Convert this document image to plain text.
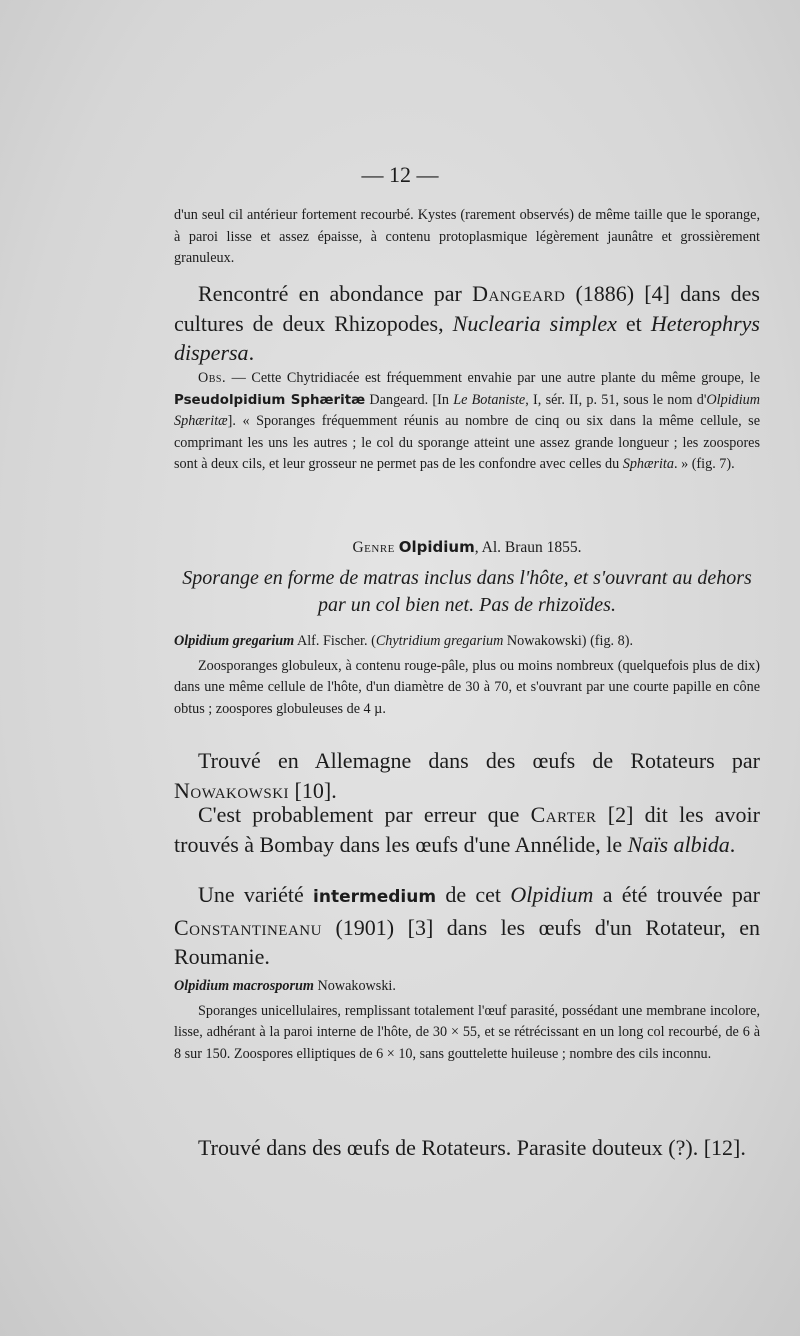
— 12 —

d'un seul cil antérieur fortement recourbé. Kystes (rarement observés) de même taille que le sporange, à paroi lisse et assez épaisse, à contenu protoplasmique légèrement jaunâtre et grossièrement granuleux.

Rencontré en abondance par Dangeard (1886) [4] dans des cultures de deux Rhizopodes, Nuclearia simplex et Heterophrys dispersa.

Obs. — Cette Chytridiacée est fréquemment envahie par une autre plante du même groupe, le Pseudolpidium Sphæritæ Dangeard. [In Le Botaniste, I, sér. II, p. 51, sous le nom d'Olpidium Sphæritæ]. « Sporanges fréquemment réunis au nombre de cinq ou six dans la même cellule, se comprimant les uns les autres ; le col du sporange atteint une assez grande longueur ; les zoospores sont à deux cils, et leur grosseur ne permet pas de les confondre avec celles du Sphærita. » (fig. 7).

Genre Olpidium, Al. Braun 1855.
Sporange en forme de matras inclus dans l'hôte, et s'ouvrant au dehors par un col bien net. Pas de rhizoïdes.

Olpidium gregarium Alf. Fischer. (Chytridium gregarium Nowakowski) (fig. 8).

Zoosporanges globuleux, à contenu rouge-pâle, plus ou moins nombreux (quelquefois plus de dix) dans une même cellule de l'hôte, d'un diamètre de 30 à 70, et s'ouvrant par une courte papille en cône obtus ; zoospores globuleuses de 4 µ.

Trouvé en Allemagne dans des œufs de Rotateurs par Nowakowski [10].

C'est probablement par erreur que Carter [2] dit les avoir trouvés à Bombay dans les œufs d'une Annélide, le Naïs albida.

Une variété intermedium de cet Olpidium a été trouvée par Constantineanu (1901) [3] dans les œufs d'un Rotateur, en Roumanie.

Olpidium macrosporum Nowakowski.

Sporanges unicellulaires, remplissant totalement l'œuf parasité, possédant une membrane incolore, lisse, adhérant à la paroi interne de l'hôte, de 30 × 55, et se rétrécissant en un long col recourbé, de 6 à 8 sur 150. Zoospores elliptiques de 6 × 10, sans gouttelette huileuse ; nombre des cils inconnu.

Trouvé dans des œufs de Rotateurs. Parasite douteux (?). [12].
